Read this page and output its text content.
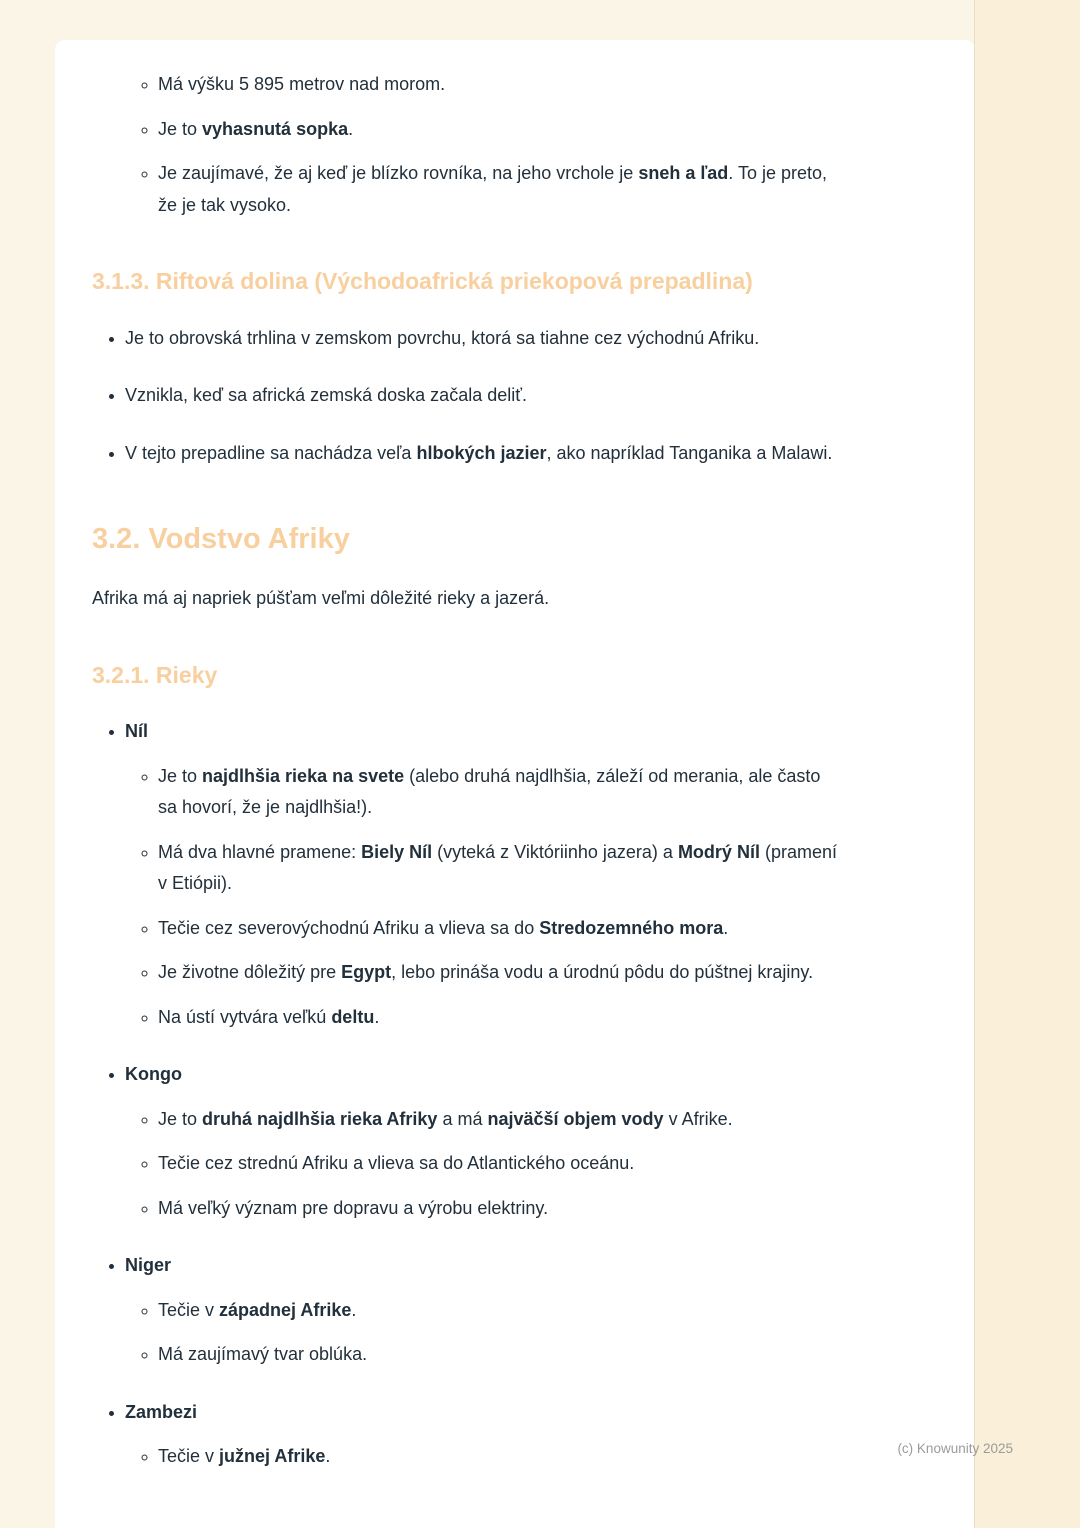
◦ Má výšku 5 895 metrov nad morom.
◦ Je to vyhasnutá sopka.
◦ Je zaujímavé, že aj keď je blízko rovníka, na jeho vrchole je sneh a ľad. To je preto, že je tak vysoko.
3.1.3. Riftová dolina (Východoafrická priekopová prepadlina)
• Je to obrovská trhlina v zemskom povrchu, ktorá sa tiahne cez východnú Afriku.
• Vznikla, keď sa africká zemská doska začala deliť.
• V tejto prepadline sa nachádza veľa hlbokých jazier, ako napríklad Tanganika a Malawi.
3.2. Vodstvo Afriky

Afrika má aj napriek púšťam veľmi dôležité rieky a jazerá.

3.2.1. Rieky
• Níl
◦ Je to najdlhšia rieka na svete (alebo druhá najdlhšia, záleží od merania, ale často sa hovorí, že je najdlhšia!).
◦ Má dva hlavné pramene: Biely Níl (vyteká z Viktóriinho jazera) a Modrý Níl (pramení v Etiópii).
◦ Tečie cez severovýchodnú Afriku a vlieva sa do Stredozemného mora.
◦ Je životne dôležitý pre Egypt, lebo prináša vodu a úrodnú pôdu do púštnej krajiny.
◦ Na ústí vytvára veľkú deltu.
• Kongo
◦ Je to druhá najdlhšia rieka Afriky a má najväčší objem vody v Afrike.
◦ Tečie cez strednú Afriku a vlieva sa do Atlantického oceánu.
◦ Má veľký význam pre dopravu a výrobu elektriny.
• Niger
◦ Tečie v západnej Afrike.
◦ Má zaujímavý tvar oblúka.
• Zambezi
◦ Tečie v južnej Afrike.	(c) Knowunity 2025
